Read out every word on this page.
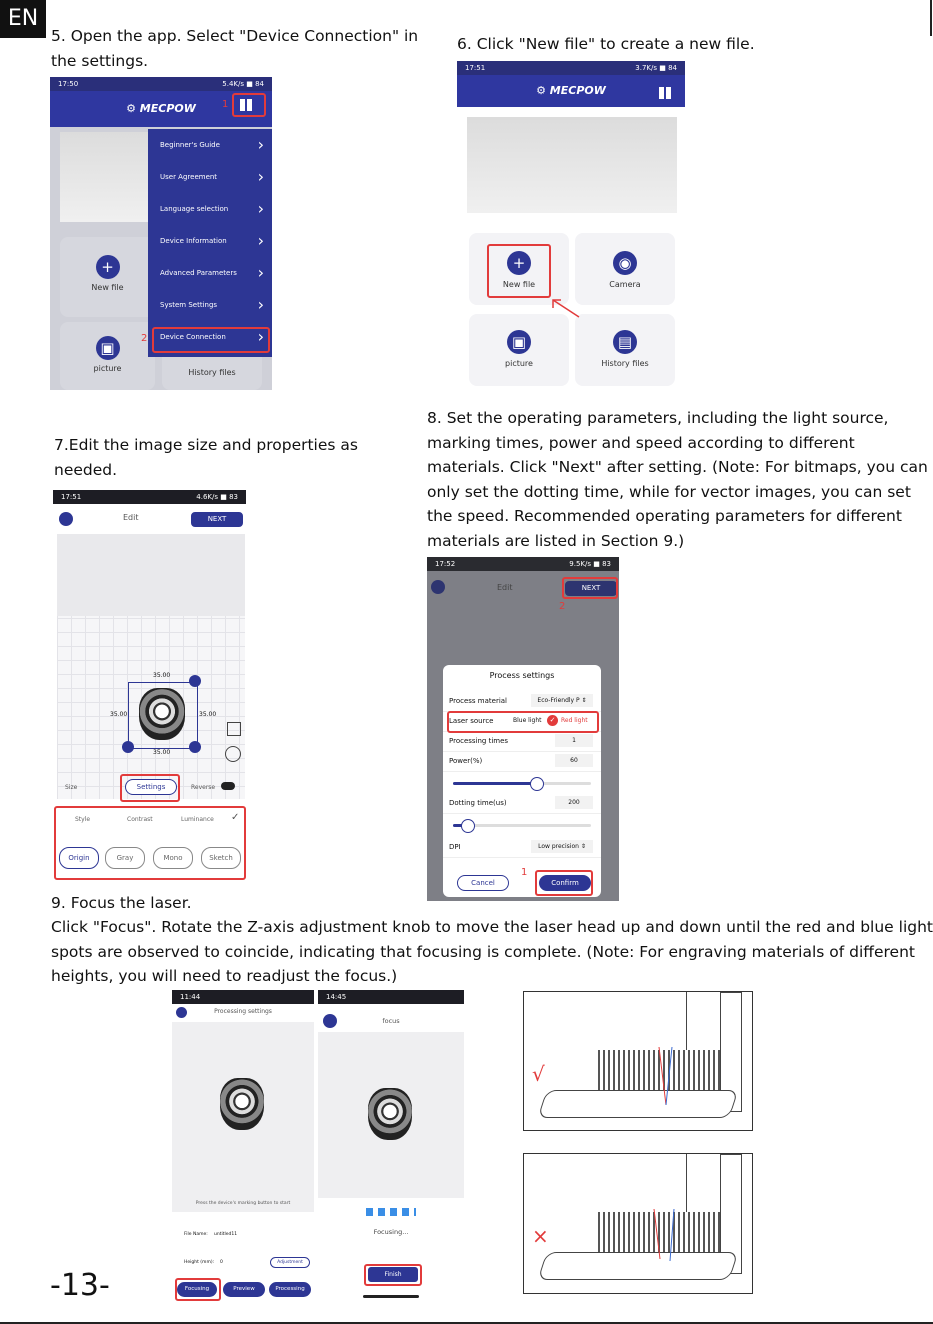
EN
5. Open the app. Select "Device Connection" in
the settings.
6. Click "New file" to create a new file.
17:50	5.4K/s ■ 84
⚙ MECPOW	1
+
New file
▣
picture	History files
Beginner's Guide ›
User Agreement ›
Language selection ›
Device Information ›
Advanced Parameters ›
System Settings ›
Device Connection ›
2
17:51	3.7K/s ■ 84
⚙ MECPOW
+
New file
◉
Camera
▣
picture
▤
History files
7.Edit the image size and properties as
needed.
8. Set the operating parameters, including the light source,
marking times, power and speed according to different
materials. Click "Next" after setting. (Note: For bitmaps, you can
only set the dotting time, while for vector images, you can set
the speed. Recommended operating parameters for different
materials are listed in Section 9.)
17:51	4.6K/s ■ 83
Edit	NEXT
35.00
35.00	35.00
35.00
Size	Settings	Reverse
Style	Contrast	Luminance ✓
Origin	Gray	Mono	Sketch
17:52	9.5K/s ■ 83
Edit	NEXT
2
Process settings
Process material	Eco-Friendly P ⇕
Laser source	Blue light	✓ Red light
Processing times	1
Power(%)	60
Dotting time(us)	200
DPI	Low precision ⇕
Cancel	Confirm
1
9. Focus the laser.
Click "Focus". Rotate the Z-axis adjustment knob to move the laser head up and down until the red and blue light
spots are observed to coincide, indicating that focusing is complete. (Note: For engraving materials of different
heights, you will need to readjust the focus.)
11:44
Processing settings
Press the device's marking button to start
File Name: untitled11
Height (mm): 0	Adjustment
Focusing	Preview	Processing
14:45
focus
Focusing...
Finish
√
×
-13-
